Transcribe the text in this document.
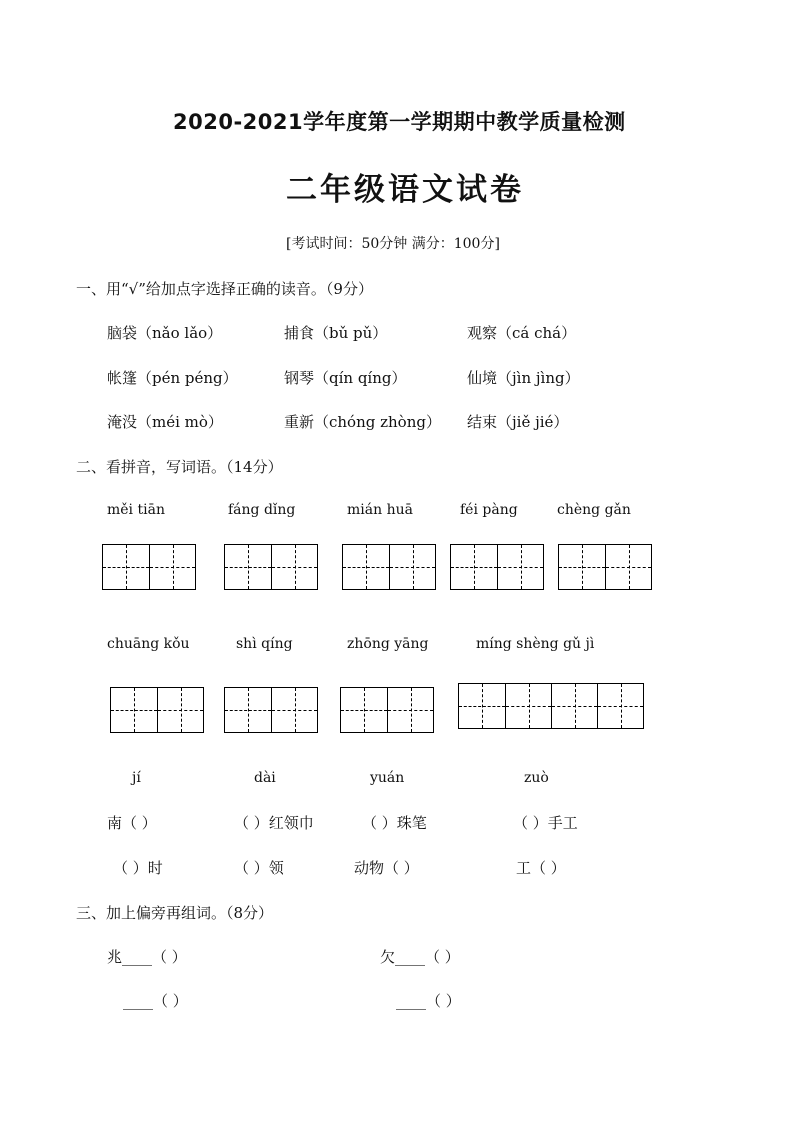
2020-2021学年度第一学期期中教学质量检测
二年级语文试卷
[考试时间：50分钟 满分：100分]
一、用“√”给加点字选择正确的读音。（9分）
脑袋（nǎo lǎo）	捕食（bǔ pǔ）	观察（cá chá）
帐篷（pén péng）	钢琴（qín qíng）	仙境（jìn jìng）
淹没（méi mò）	重新（chóng zhòng） 结束（jiě jié）
二、看拼音，写词语。（14分）
měi tiān	fáng dǐng	mián huā	féi pàng	chèng gǎn
chuāng kǒu	shì qíng	zhōng yāng	míng shèng gǔ jì
jí	dài	yuán	zuò
南（ ）	（ ）红领巾	（ ）珠笔	（ ）手工
（ ）时	（ ）领	动物（ ）	工（ ）
三、加上偏旁再组词。（8分）
兆____（ ）	欠____（ ）
____（ ）	____（ ）
